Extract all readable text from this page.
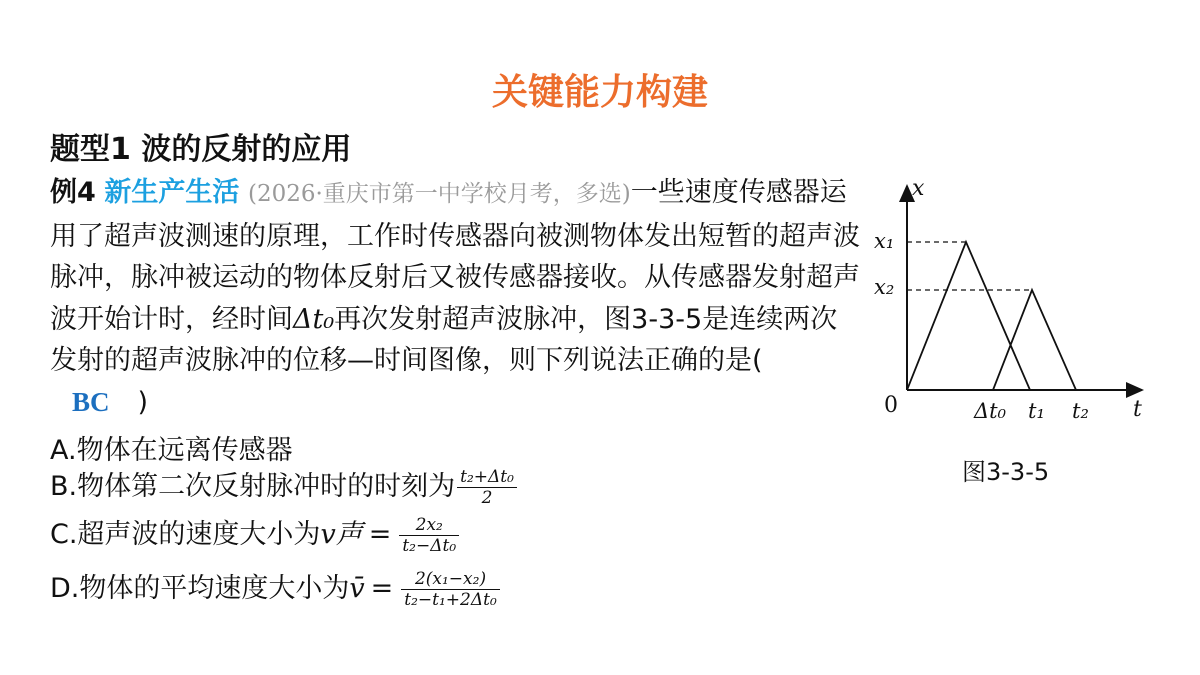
关键能力构建
题型1 波的反射的应用
例4 新生产生活 (2026·重庆市第一中学校月考，多选)一些速度传感器运用了超声波测速的原理，工作时传感器向被测物体发出短暂的超声波脉冲，脉冲被运动的物体反射后又被传感器接收。从传感器发射超声波开始计时，经时间Δt₀再次发射超声波脉冲，图3-3-5是连续两次发射的超声波脉冲的位移—时间图像，则下列说法正确的是( BC )
A.物体在远离传感器
B.物体第二次反射脉冲时的时刻为 $\frac{\text{t₂+Δt₀}}{2}$
C.超声波的速度大小为v声 = $\frac{\text{2x₂}}{\text{t₂−Δt₀}}$
D.物体的平均速度大小为v̄ = $\frac{\text{2(x₁−x₂)}}{\text{t₂−t₁+2Δt₀}}$
x
t
0
x₁
x₂
Δt₀ t₁ t₂
图3-3-5
